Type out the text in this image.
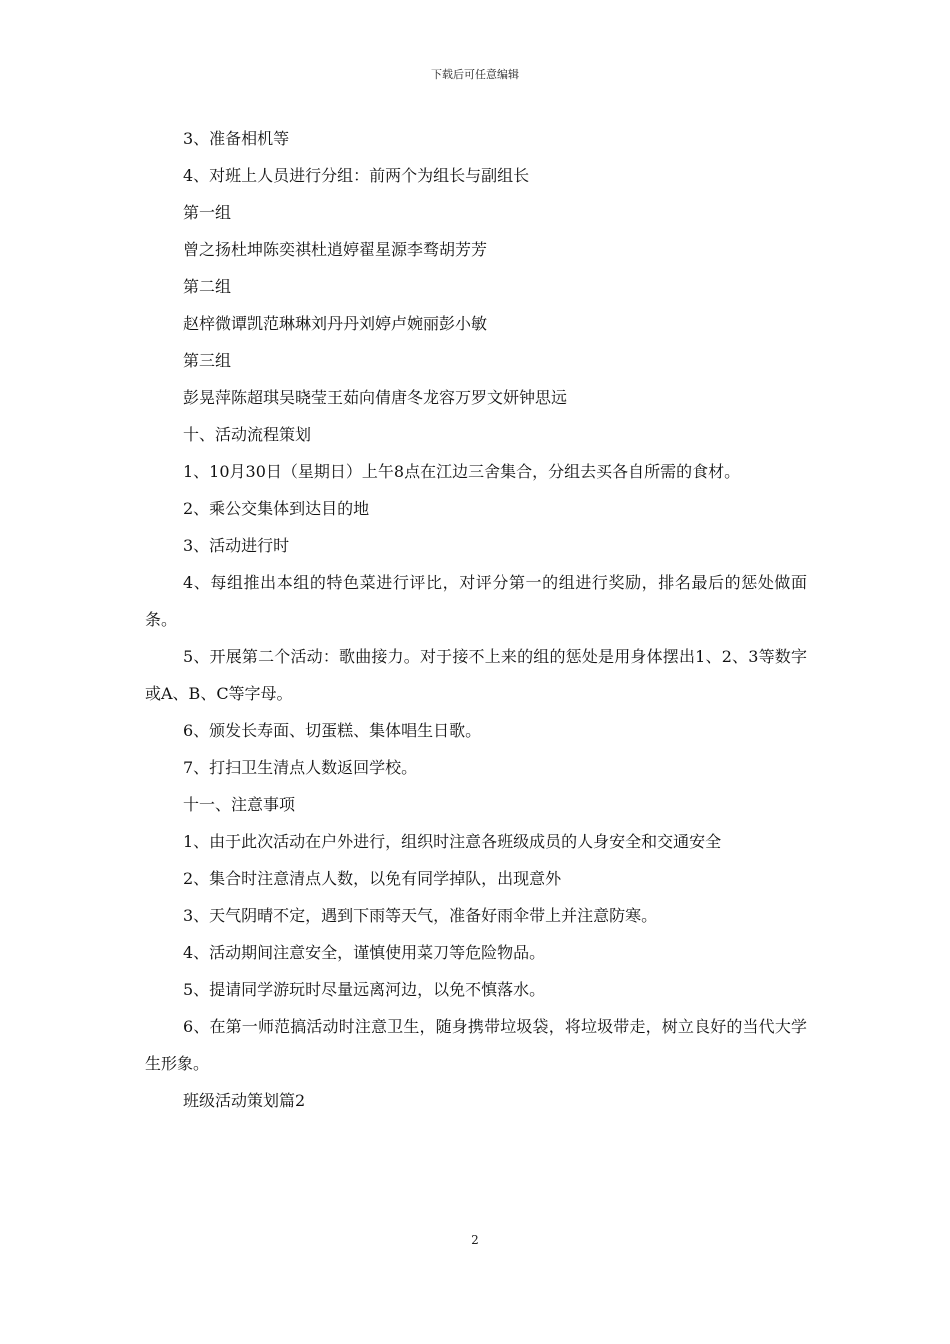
下载后可任意编辑

3、准备相机等

4、对班上人员进行分组：前两个为组长与副组长

第一组

曾之扬杜坤陈奕祺杜逍婷翟星源李骛胡芳芳

第二组

赵梓微谭凯范琳琳刘丹丹刘婷卢婉丽彭小敏

第三组

彭晃萍陈超琪吴晓莹王茹向倩唐冬龙容万罗文妍钟思远

十、活动流程策划

1、10月30日（星期日）上午8点在江边三舍集合，分组去买各自所需的食材。

2、乘公交集体到达目的地

3、活动进行时

4、每组推出本组的特色菜进行评比，对评分第一的组进行奖励，排名最后的惩处做面条。

5、开展第二个活动：歌曲接力。对于接不上来的组的惩处是用身体摆出1、2、3等数字或A、B、C等字母。

6、颁发长寿面、切蛋糕、集体唱生日歌。

7、打扫卫生清点人数返回学校。

十一、注意事项

1、由于此次活动在户外进行，组织时注意各班级成员的人身安全和交通安全

2、集合时注意清点人数，以免有同学掉队，出现意外

3、天气阴晴不定，遇到下雨等天气，准备好雨伞带上并注意防寒。

4、活动期间注意安全，谨慎使用菜刀等危险物品。

5、提请同学游玩时尽量远离河边，以免不慎落水。

6、在第一师范搞活动时注意卫生，随身携带垃圾袋，将垃圾带走，树立良好的当代大学生形象。

班级活动策划篇2

2
